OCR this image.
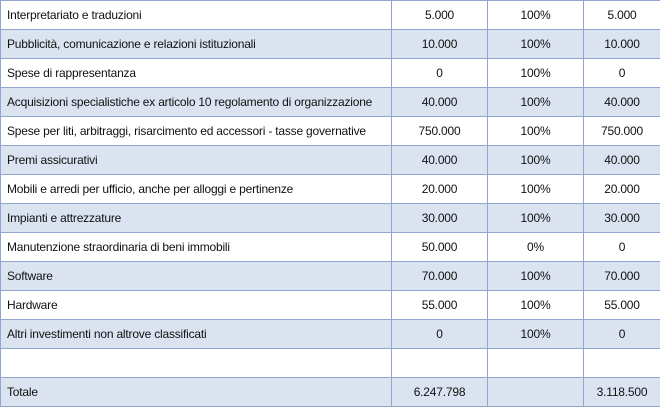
Interpretariato e traduzioni	5.000	100%	5.000
Pubblicità, comunicazione e relazioni istituzionali	10.000	100%	10.000
Spese di rappresentanza	0	100%	0
Acquisizioni specialistiche ex articolo 10 regolamento di organizzazione	40.000	100%	40.000
Spese per liti, arbitraggi, risarcimento ed accessori - tasse governative	750.000	100%	750.000
Premi assicurativi	40.000	100%	40.000
Mobili e arredi per ufficio, anche per alloggi e pertinenze	20.000	100%	20.000
Impianti e attrezzature	30.000	100%	30.000
Manutenzione straordinaria di beni immobili	50.000	0%	0
Software	70.000	100%	70.000
Hardware	55.000	100%	55.000
Altri investimenti non altrove classificati	0	100%	0

Totale	6.247.798		3.118.500
